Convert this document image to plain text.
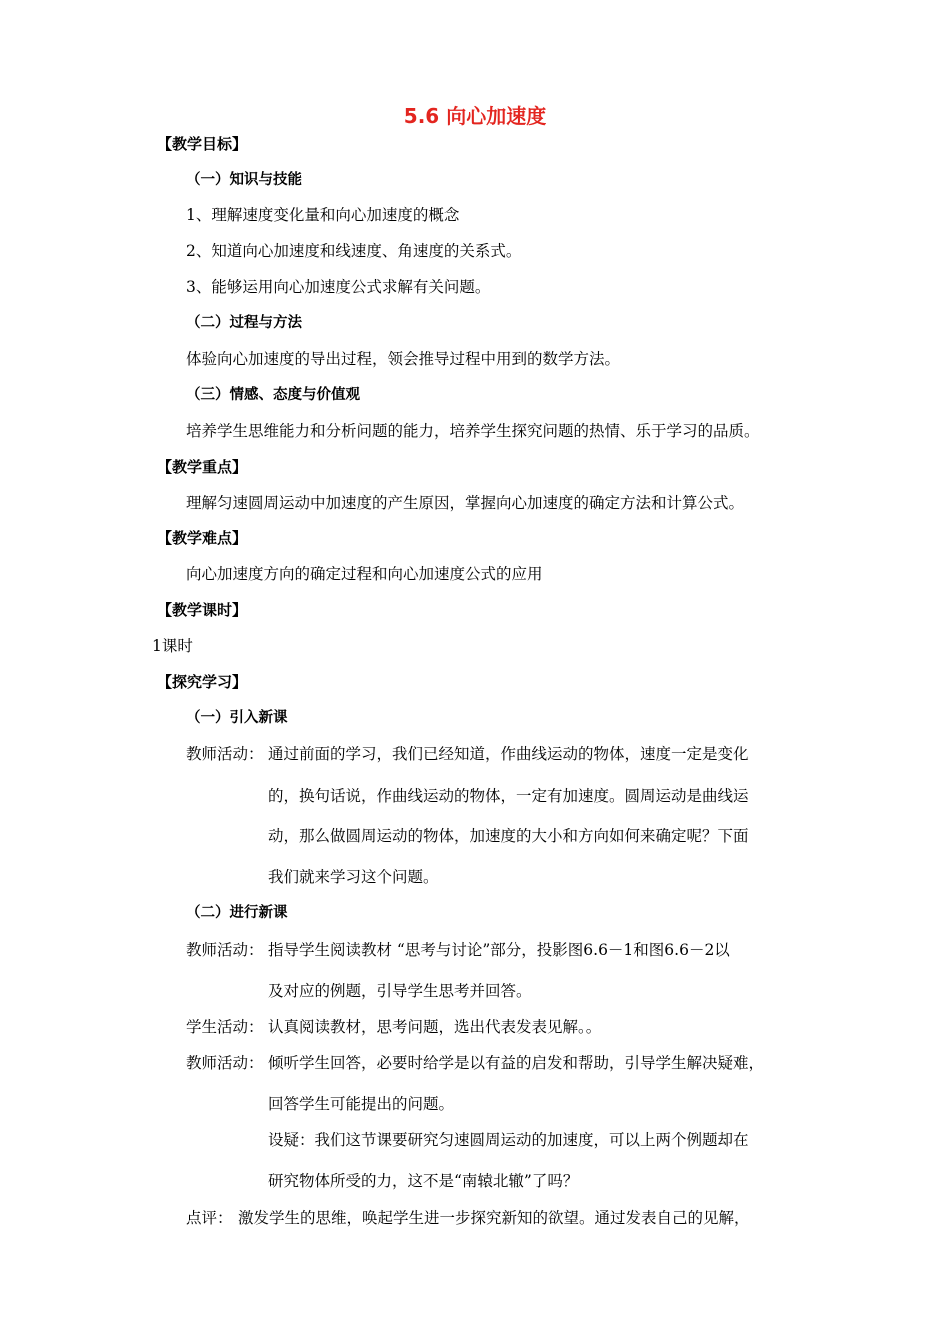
5.6 向心加速度
【教学目标】
（一）知识与技能
1、理解速度变化量和向心加速度的概念
2、知道向心加速度和线速度、角速度的关系式。
3、能够运用向心加速度公式求解有关问题。
（二）过程与方法
体验向心加速度的导出过程，领会推导过程中用到的数学方法。
（三）情感、态度与价值观
培养学生思维能力和分析问题的能力，培养学生探究问题的热情、乐于学习的品质。
【教学重点】
理解匀速圆周运动中加速度的产生原因，掌握向心加速度的确定方法和计算公式。
【教学难点】
向心加速度方向的确定过程和向心加速度公式的应用
【教学课时】
1课时
【探究学习】
（一）引入新课
教师活动： 通过前面的学习，我们已经知道，作曲线运动的物体，速度一定是变化
的，换句话说，作曲线运动的物体，一定有加速度。圆周运动是曲线运
动，那么做圆周运动的物体，加速度的大小和方向如何来确定呢？下面
我们就来学习这个问题。
（二）进行新课
教师活动： 指导学生阅读教材 “思考与讨论”部分，投影图6.6－1和图6.6－2以
及对应的例题，引导学生思考并回答。
学生活动： 认真阅读教材，思考问题，选出代表发表见解。。
教师活动： 倾听学生回答，必要时给学是以有益的启发和帮助，引导学生解决疑难，
回答学生可能提出的问题。
设疑：我们这节课要研究匀速圆周运动的加速度，可以上两个例题却在
研究物体所受的力，这不是“南辕北辙”了吗？
点评： 激发学生的思维，唤起学生进一步探究新知的欲望。通过发表自己的见解，
